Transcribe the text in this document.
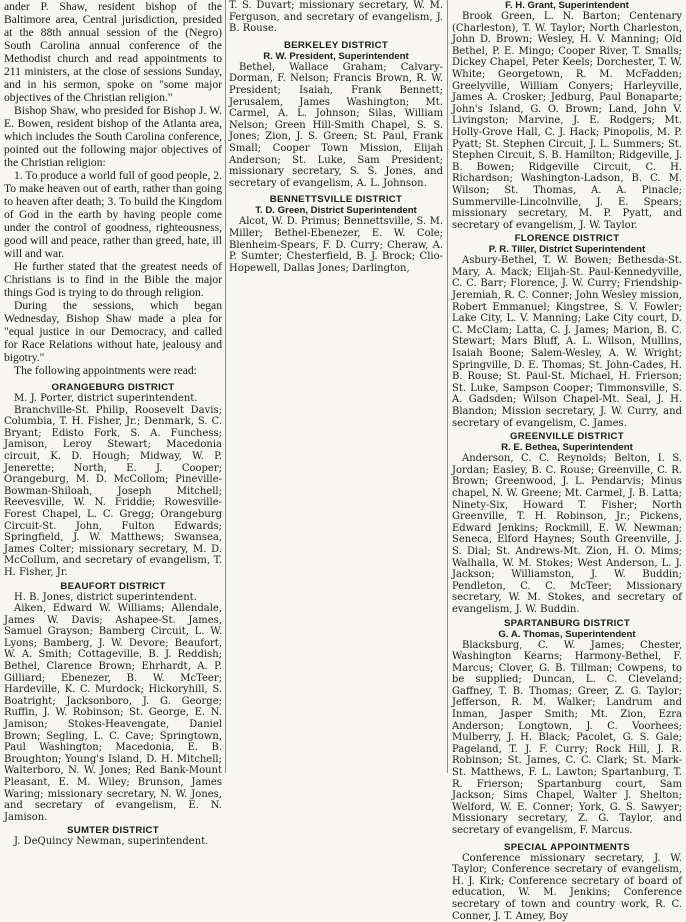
ander P. Shaw, resident bishop of the Baltimore area, Central jurisdiction, presided at the 88th annual session of the (Negro) South Carolina annual conference of the Methodist church and read appointments to 211 ministers, at the close of sessions Sunday, and in his sermon, spoke on "some major objectives of the Christian religion."

Bishop Shaw, who presided for Bishop J. W. E. Bowen, resident bishop of the Atlanta area, which includes the South Carolina conference, pointed out the following major objectives of the Christian religion:

1. To produce a world full of good people, 2. To make heaven out of earth, rather than going to heaven after death; 3. To build the Kingdom of God in the earth by having people come under the control of goodness, righteousness, good will and peace, rather than greed, hate, ill will and war.

He further stated that the greatest needs of Christians is to find in the Bible the major things God is trying to do through religion.

During the sessions, which began Wednesday, Bishop Shaw made a plea for "equal justice in our Democracy, and called for Race Relations without hate, jealousy and bigotry."

The following appointments were read:

ORANGEBURG DISTRICT

M. J. Porter, district superintendent.

Branchville-St. Philip, Roosevelt Davis; Columbia, T. H. Fisher, Jr.; Denmark, S. C. Bryant; Edisto Fork, S. A. Funchess; Jamison, Leroy Stewart; Macedonia circuit, K. D. Hough; Midway, W. P. Jenerette; North, E. J. Cooper; Orangeburg, M. D. McCollom; Pineville-Bowman-Shiloah, Joseph Mitchell; Reevesville, W. N. Friddie; Rowesville-Forest Chapel, L. C. Gregg; Orangeburg Circuit-St. John, Fulton Edwards; Springfield, J. W. Matthews; Swansea, James Colter; missionary secretary, M. D. McCollum, and secretary of evangelism, T. H. Fisher, Jr.

BEAUFORT DISTRICT

H. B. Jones, district superintendent.

Aiken, Edward W. Williams; Allendale, James W. Davis; Ashapee-St. James, Samuel Grayson; Bamberg Circuit, L. W. Lyons; Bamberg, J. W. Devore; Beaufort, W. A. Smith; Cottageville, B. J. Reddish; Bethel, Clarence Brown; Ehrhardt, A. P. Gilliard; Ebenezer, B. W. McTeer; Hardeville, K. C. Murdock; Hickoryhill, S. Boatright; Jacksonboro, J. G. George; Ruffin, J. W. Robinson; St. George, E. N. Jamison; Stokes-Heavengate, Daniel Brown; Segling, L. C. Cave; Springtown, Paul Washington; Macedonia, E. B. Broughton; Young's Island, D. H. Mitchell; Walterboro, N. W. Jones; Red Bank-Mount Pleasant, E. M. Wiley; Brunson, James Waring; missionary secretary, N. W. Jones, and secretary of evangelism, E. N. Jamison.

SUMTER DISTRICT

J. DeQuincy Newman, superintendent.

T. S. Duvart; missionary secretary, W. M. Ferguson, and secretary of evangelism, J. B. Rouse.

BERKELEY DISTRICT

R. W. President, Superintendent

Bethel, Wallace Graham; Calvary-Dorman, F. Nelson; Francis Brown, R. W. President; Isaiah, Frank Bennett; Jerusalem, James Washington; Mt. Carmel, A. L. Johnson; Silas, William Nelson; Green Hill-Smith Chapel, S. S. Jones; Zion, J. S. Green; St. Paul, Frank Small; Cooper Town Mission, Elijah Anderson; St. Luke, Sam President; missionary secretary, S. S. Jones, and secretary of evangelism, A. L. Johnson.

BENNETTSVILLE DISTRICT

T. D. Green, District Superintendent

Alcot, W. D. Primus; Bennettsville, S. M. Miller; Bethel-Ebenezer, E. W. Cole; Blenheim-Spears, F. D. Curry; Cheraw, A. P. Sumter; Chesterfield, B. J. Brock; Clio-Hopewell, Dallas Jones; Darlington,

F. H. Grant, Superintendent

Brook Green, L. N. Barton; Centenary (Charleston), T. W. Taylor; North Charleston, John D. Brown; Wesley, H. V. Manning; Old Bethel, P. E. Mingo; Cooper River, T. Smalls; Dickey Chapel, Peter Keels; Dorchester, T. W. White; Georgetown, R. M. McFadden; Greelyville, William Conyers; Harleyville, James A. Crosker; Jedburg, Paul Bonaparte; John's Island, G. O. Brown; Land, John V. Livingston; Marvine, J. E. Rodgers; Mt. Holly-Grove Hall, C. J. Hack; Pinopolis, M. P. Pyatt; St. Stephen Circuit, J. L. Summers; St. Stephen Circuit, S. B. Hamilton; Ridgeville, J. B. Bowen; Ridgeville Circuit, C. H. Richardson; Washington-Ladson, B. C. M. Wilson; St. Thomas, A. A. Pinacle; Summerville-Lincolnville, J. E. Spears; missionary secretary, M. P. Pyatt, and secretary of evangelism, J. W. Taylor.

FLORENCE DISTRICT

P. R. Tiller, District Superintendent

Asbury-Bethel, T. W. Bowen; Bethesda-St. Mary, A. Mack; Elijah-St. Paul-Kennedyville, C. C. Barr; Florence, J. W. Curry; Friendship-Jeremiah, R. C. Conner; John Wesley mission, Robert Emmanuel; Kingstree, S. V. Fowler; Lake City, L. V. Manning; Lake City court, D. C. McClam; Latta, C. J. James; Marion, B. C. Stewart; Mars Bluff, A. L. Wilson, Mullins, Isaiah Boone; Salem-Wesley, A. W. Wright; Springville, D. E. Thomas; St. John-Cades, H. B. Rouse; St. Paul-St. Michael, H. Frierson; St. Luke, Sampson Cooper; Timmonsville, S. A. Gadsden; Wilson Chapel-Mt. Seal, J. H. Blandon; Mission secretary, J. W. Curry, and secretary of evangelism, C. James.

GREENVILLE DISTRICT

R. E. Bethea, Superintendent

Anderson, C. C. Reynolds; Belton, I. S. Jordan; Easley, B. C. Rouse; Greenville, C. R. Brown; Greenwood, J. L. Pendarvis; Minus chapel, N. W. Greene; Mt. Carmel, J. B. Latta; Ninety-Six, Howard T. Fisher; North Greenville, T. H. Robinson, Jr.; Pickens, Edward Jenkins; Rockmill, E. W. Newman; Seneca, Elford Haynes; South Greenville, J. S. Dial; St. Andrews-Mt. Zion, H. O. Mims; Walhalla, W. M. Stokes; West Anderson, L. J. Jackson; Williamston, J. W. Buddin; Pendleton, C. C. McTeer; Missionary secretary, W. M. Stokes, and secretary of evangelism, J. W. Buddin.

SPARTANBURG DISTRICT

G. A. Thomas, Superintendent

Blacksburg, C. W. James; Chester, Washington Kearns; Harmony-Bethel, F. Marcus; Clover, G. B. Tillman; Cowpens, to be supplied; Duncan, L. C. Cleveland; Gaffney, T. B. Thomas; Greer, Z. G. Taylor; Jefferson, R. M. Walker; Landrum and Inman, Jasper Smith; Mt. Zion, Ezra Anderson; Longtown, J. C. Voorhees; Mulberry, J. H. Black; Pacolet, G. S. Gale; Pageland, T. J. F. Curry; Rock Hill, J. R. Robinson; St. James, C. C. Clark; St. Mark-St. Matthews, F. L. Lawton; Spartanburg, T. R. Frierson; Spartanburg court, Sam Jackson; Sims Chapel, Walter J. Shelton; Welford, W. E. Conner; York, G. S. Sawyer; Missionary secretary, Z. G. Taylor, and secretary of evangelism, F. Marcus.

SPECIAL APPOINTMENTS

Conference missionary secretary, J. W. Taylor; Conference secretary of evangelism, H. J. Kirk; Conference secretary of board of education, W. M. Jenkins; Conference secretary of town and country work, R. C. Conner, J. T. Amey, Boy
